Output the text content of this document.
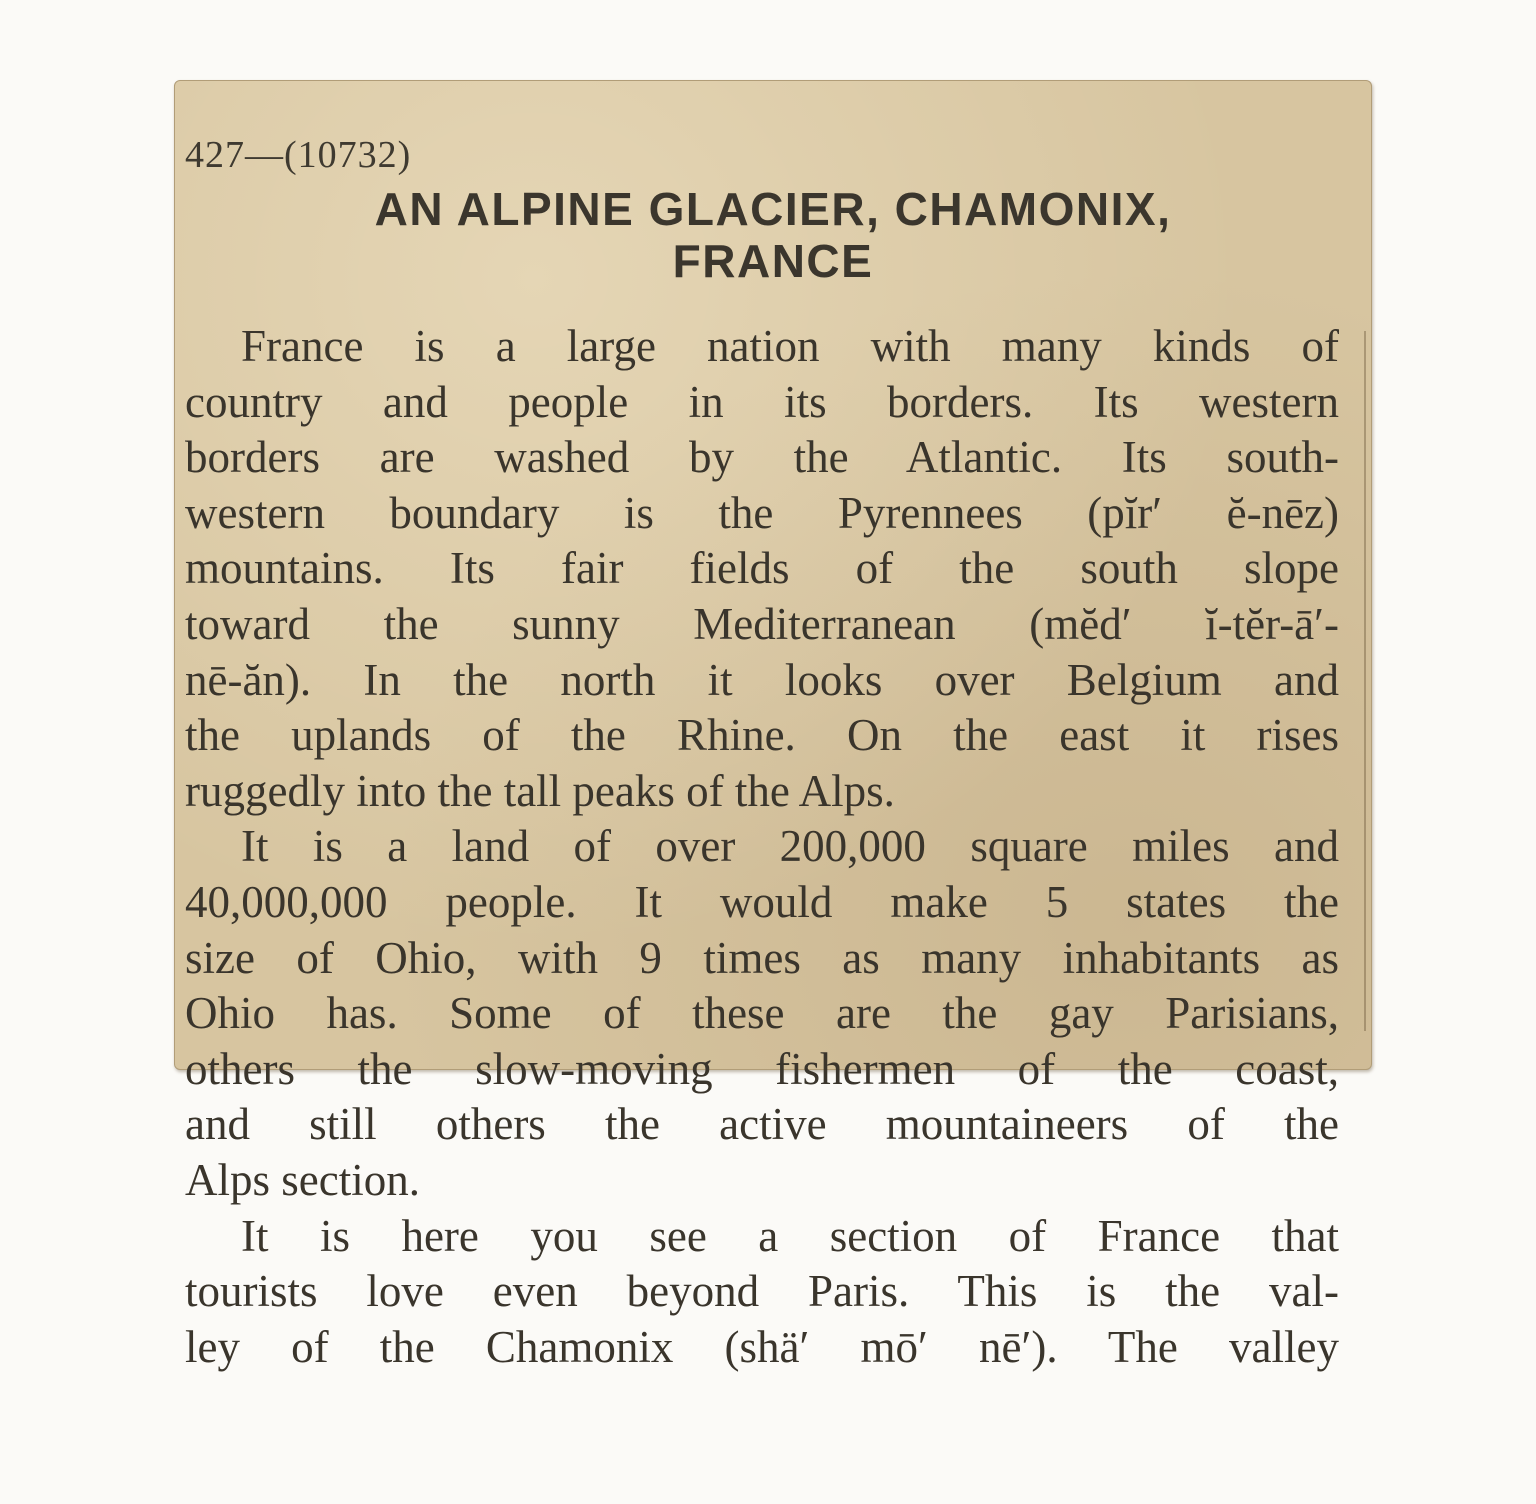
427—(10732)
AN ALPINE GLACIER, CHAMONIX,
FRANCE
France is a large nation with many kinds of
country and people in its borders. Its western
borders are washed by the Atlantic. Its south-
western boundary is the Pyrennees (pĭr′ ĕ-nēz)
mountains. Its fair fields of the south slope
toward the sunny Mediterranean (mĕd′ ĭ-tĕr-ā′-
nē-ăn). In the north it looks over Belgium and
the uplands of the Rhine. On the east it rises
ruggedly into the tall peaks of the Alps.
It is a land of over 200,000 square miles and
40,000,000 people. It would make 5 states the
size of Ohio, with 9 times as many inhabitants as
Ohio has. Some of these are the gay Parisians,
others the slow-moving fishermen of the coast,
and still others the active mountaineers of the
Alps section.
It is here you see a section of France that
tourists love even beyond Paris. This is the val-
ley of the Chamonix (shä′ mō′ nē′). The valley
